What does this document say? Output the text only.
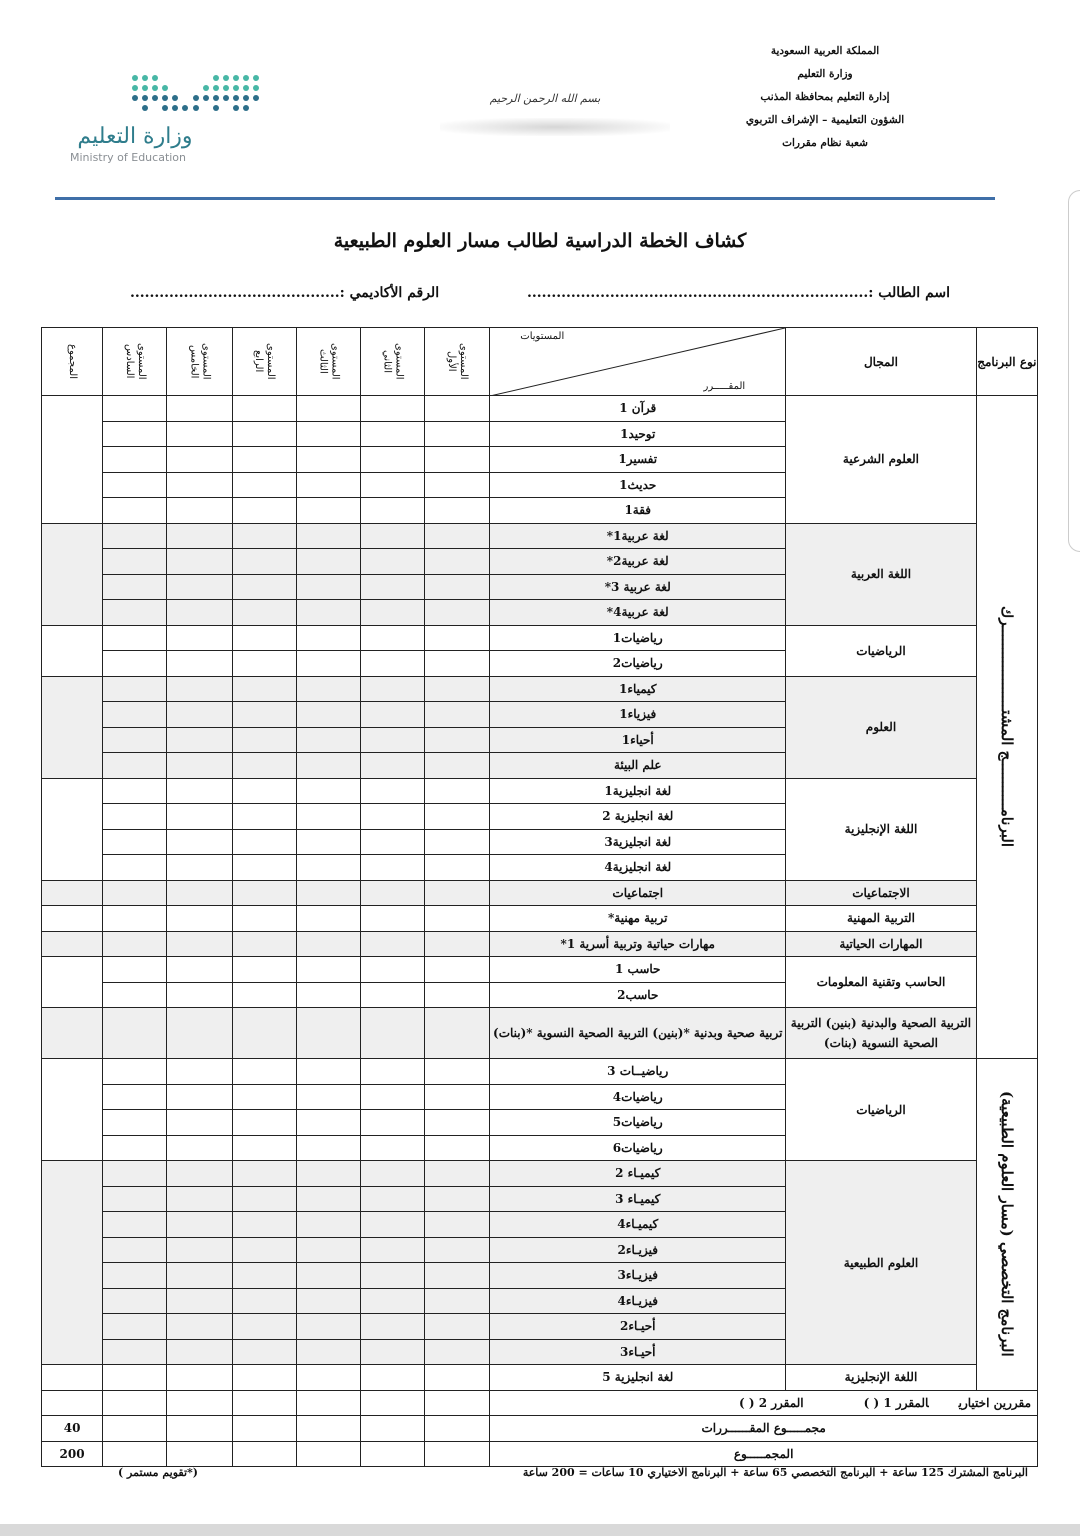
المملكة العربية السعودية
وزارة التعليم
إدارة التعليم بمحافظة المذنب
الشؤون التعليمية – الإشراف التربوي
شعبة نظام مقررات
بسم الله الرحمن الرحيم
وزارة التعليم
Ministry of Education
كشاف الخطة الدراسية لطالب مسار العلوم الطبيعية
اسم الطالب :......................................................................
الرقم الأكاديمي :...........................................
المجموع	المستوى السادس	المستوى الخامس	المستوى الرابع	المستوى الثالث	المستوى الثاني	المستوى الأول	المستويات
المقـــــرر	المجال	نوع البرنامج
							قرآن 1	العلوم الشرعية	البرنامـــــــــــج المشتـــــــــــــــــــرك

							توحيد1		
							تفسير1		
							حديث1		
							فقة1		
							لغة عربية1*	اللغة العربية	
							لغة عربية2*		
							لغة عربية 3*		
							لغة عربية4*		
							رياضيات1	الرياضيات	
							رياضيات2		
							كيمياء1	العلوم	
							فيزياء1		
							أحياء1		
							علم البيئة		
							لغة انجليزية1	اللغة الإنجليزية	
							لغة انجليزية 2		
							لغة انجليزية3		
							لغة انجليزية4		
							اجتماعيات	الاجتماعيات	
							تربية مهنية*	التربية المهنية	
							مهارات حياتية وتربية أسرية 1*	المهارات الحياتية	
							حاسب 1	الحاسب وتقنية المعلومات	
							حاسب2		
							تربية صحية وبدنية *(بنين) التربية الصحية النسوية *(بنات)	التربية الصحية والبدنية (بنين) التربية الصحية النسوية (بنات)	
							رياضيــات 3	الرياضيات	البرنامج التخصصي (مسار العلوم الطبيعية)

							رياضيات4		
							رياضيات5		
							رياضيات6		
							كيميـاء 2	العلوم الطبيعية	
							كيميـاء 3		
							كيميـاء4		
							فيزيـاء2		
							فيزيـاء3		
							فيزيـاء4		
							أحيـاء2		
							أحيـاء3		
							لغة انجليزية 5	اللغة الإنجليزية	
							مقررين اختياريالمقرر 1 ( )المقرر 2 ( )		
40							مجمـــــوع المقــــــررات		
200							المجمـــــوع		
البرنامج المشترك 125 ساعة + البرنامج التخصصي 65 ساعة + البرنامج الاختياري 10 ساعات = 200 ساعة
(*تقويم مستمر )
